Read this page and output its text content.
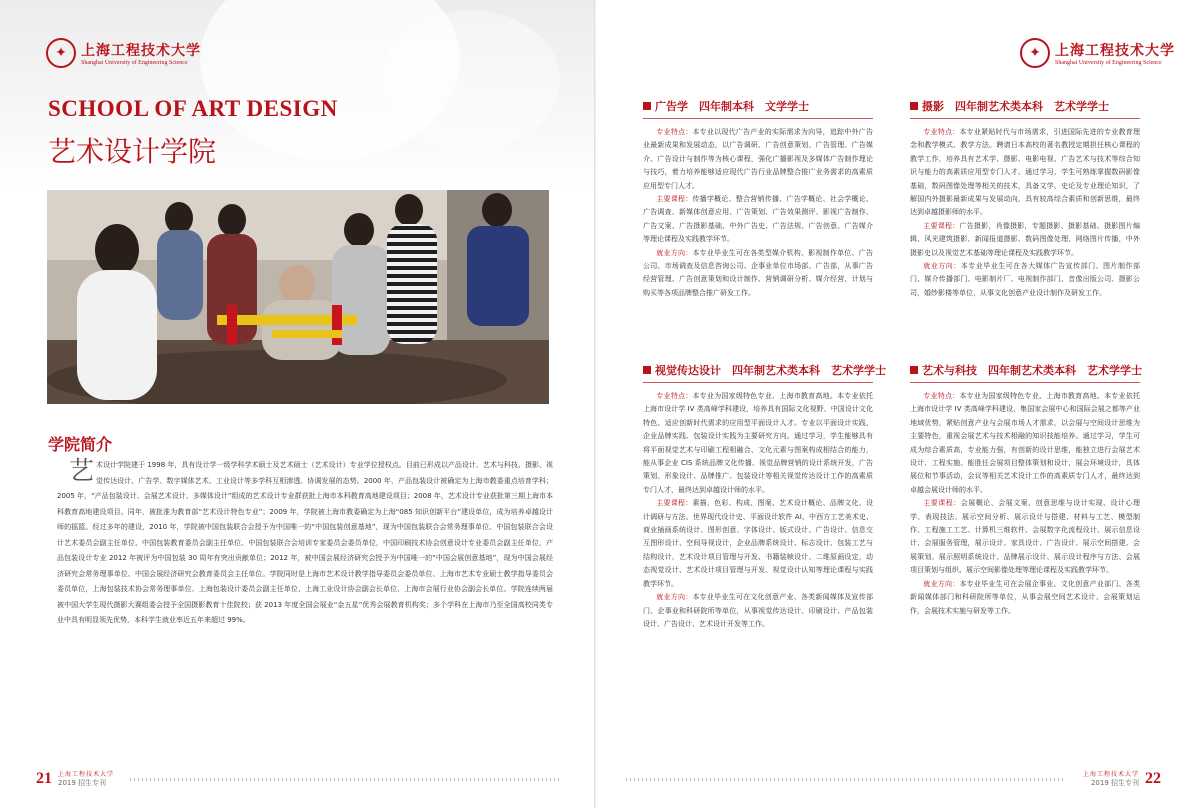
✦	上海工程技术大学
Shanghai University of Engineering Science
SCHOOL OF ART DESIGN
艺术设计学院
学院简介
艺 术设计学院建于 1998 年，具有设计学一级学科学术硕士及艺术硕士（艺术设计）专业学位授权点。目前已形成以产品设计、艺术与科技、摄影、视觉传达设计、广告学、数字媒体艺术、工业设计等多学科互相渗透、协调发展的态势。2000 年，产品包装设计被确定为上海市教委重点培育学科；2005 年，“产品包装设计、会展艺术设计、多媒体设计”组成的艺术设计专业群获批上海市本科教育高地建设项目；2008 年，艺术设计专业获批第三期上海市本科教育高地建设项目。同年，被批准为教育部“艺术设计特色专业”；2009 年，学院被上海市教委确定为上海“085 知识创新平台”建设单位，成为培养卓越设计师的摇篮。经过多年的建设，2010 年，学院被中国包装联合会授予为中国唯一的“中国包装创意基地”，现为中国包装联合会常务理事单位、中国包装联合会设计艺术委员会副主任单位、中国包装教育委员会副主任单位、中国包装联合会培训专家委员会委员单位，中国印刷技术协会创意设计专业委员会副主任单位，产品包装设计专业 2012 年被评为中国包装 30 周年有突出贡献单位；2012 年，被中国会展经济研究会授予为中国唯一的“中国会展创意基地”，现为中国会展经济研究会常务理事单位、中国会展经济研究会教育委员会主任单位。学院同时是上海市艺术设计教学指导委员会委员单位、上海市艺术专业硕士教学指导委员会委员单位，上海包装技术协会常务理事单位、上海包装设计委员会副主任单位、上海工业设计协会副会长单位、上海市会展行业协会副会长单位。学院连续两届被中国大学生现代摄影大赛组委会授予全国摄影教育十佳院校；获 2013 年度全国会展业“金五星”优秀会展教育机构奖；多个学科在上海市乃至全国高校同类专业中具有明显领先优势，本科学生就业率近五年来超过 99%。
21 上海工程技术大学
2019 招生专刊
✦	上海工程技术大学
Shanghai University of Engineering Science
广告学　四年制本科　文学学士

专业特点：本专业以现代广告产业的实际需求为向导，追踪中外广告业最新成果和发展动态，以广告调研、广告创意策划、广告管理、广告媒介、广告设计与制作等为核心课程，强化广播影视及多媒体广告制作理论与技巧，着力培养能够适应现代广告行业品牌整合推广业务需求的高素质应用型专门人才。

主要课程：传播学概论、整合营销传播、广告学概论、社会学概论、广告调查、新媒体创意应用、广告策划、广告效果测评、影视广告制作、广告文案、广告摄影基础、中外广告史、广告法规、广告创意、广告媒介等理论课程及实践教学环节。

就业方向：本专业毕业生可在各类型媒介机构、影视制作单位、广告公司、市场调查及信息咨询公司、企事业单位市场部、广告部，从事广告经营管理、广告创意策划和设计制作、营销调研分析、媒介经营、计划与购买等各项品牌整合推广研发工作。

摄影　四年制艺术类本科　艺术学学士

专业特点：本专业紧贴时代与市场需求，引进国际先进的专业教育理念和教学模式、教学方法。聘请日本高校的著名教授定期担任核心课程的教学工作，培养具有艺术学、摄影、电影电视、广告艺术与技术等综合知识与能力的高素质应用型专门人才。通过学习，学生可熟练掌握数码影像基础，数码图像处理等相关的技术，具备文学、史论及专业理论知识，了解国内外摄影最新成果与发展动向，具有较高综合素质和创新思维，最终达到卓越摄影师的水平。

主要课程：广告摄影，肖像摄影，专题摄影、摄影基础、摄影图片编辑、风光建筑摄影、新闻报道摄影、数码图像处理、网络图片传播，中外摄影史以及视觉艺术基础等理论课程及实践教学环节。

就业方向：本专业毕业生可在各大媒体广告宣传部门、图片制作部门、媒介传播部门、电影制片厂、电视制作部门、音像出版公司、摄影公司，婚纱影楼等单位，从事文化创意产业设计制作及研发工作。

视觉传达设计　四年制艺术类本科　艺术学学士

专业特点：本专业为国家级特色专业、上海市教育高地。本专业依托上海市设计学 IV 类高峰学科建设，培养具有国际文化视野、中国设计文化特色、适应创新时代需求的应用型平面设计人才。专业以平面设计实践、企业品牌实践、包装设计实践为主要研究方向。通过学习，学生能够具有将平面视觉艺术与印刷工程相融合、文化元素与图案构成相结合的能力，能从事企业 CIS 系统品牌文化传播、视觉品牌营销的设计系统开发，广告策划、形象设计、品牌推广、包装设计等相关视觉传达设计工作的高素质专门人才，最终达到卓越设计师的水平。

主要课程：素描、色彩、构成、图案、艺术设计概论、品牌文化、设计调研与方法、世界现代设计史、平面设计软件 AI、中西方工艺美术史、商业插画系统设计、图形创意、字体设计、版式设计、广告设计、信息交互图形设计、空间导视设计，企业品牌系统设计、标志设计、包装工艺与结构设计、艺术设计项目管理与开发、书籍装帧设计、二维原画设定，动态视觉设计、艺术设计项目管理与开发、视觉设计认知等理论课程与实践教学环节。

就业方向：本专业毕业生可在文化创意产业、各类新闻媒体及宣传部门、企事业和科研院所等单位，从事视觉传达设计、印刷设计、产品包装设计、广告设计、艺术设计开发等工作。

艺术与科技　四年制艺术类本科　艺术学学士

专业特点：本专业为国家级特色专业、上海市教育高地。本专业依托上海市设计学 IV 类高峰学科建设，集国家会展中心和国际会展之都等产业地域优势，紧贴创意产业与会展市场人才需求，以会展与空间设计思维为主要特色，重视会展艺术与技术相融的知识技能培养。通过学习，学生可成为综合素质高，专业能力强，有创新的设计思维，能独立进行会展艺术设计、工程实施、能胜任会展项目整体策划和设计，展会环境设计，具体展位和节事活动，会议等相关艺术设计工作的高素质专门人才，最终达到卓越会展设计师的水平。

主要课程：会展概论、会展文案、创意思维与设计实现、设计心理学、表现技法、展示空间分析、展示设计与搭建、材料与工艺、模型制作、工程施工工艺、计算机三维软件、会展数字化流程设计、展示信息设计、会展服务管理，展示设计、家具设计、广告设计、展示空间搭建、会展策划、展示照明系统设计、品牌展示设计、展示设计程序与方法、会展项目策划与组织、展示空间影像处理等理论课程及实践教学环节。

就业方向：本专业毕业生可在会展企事业、文化创意产业部门、各类新闻媒体部门和科研院所等单位，从事会展空间艺术设计、会展策划运作，会展技术实施与研发等工作。

上海工程技术大学
2019 招生专刊 22
